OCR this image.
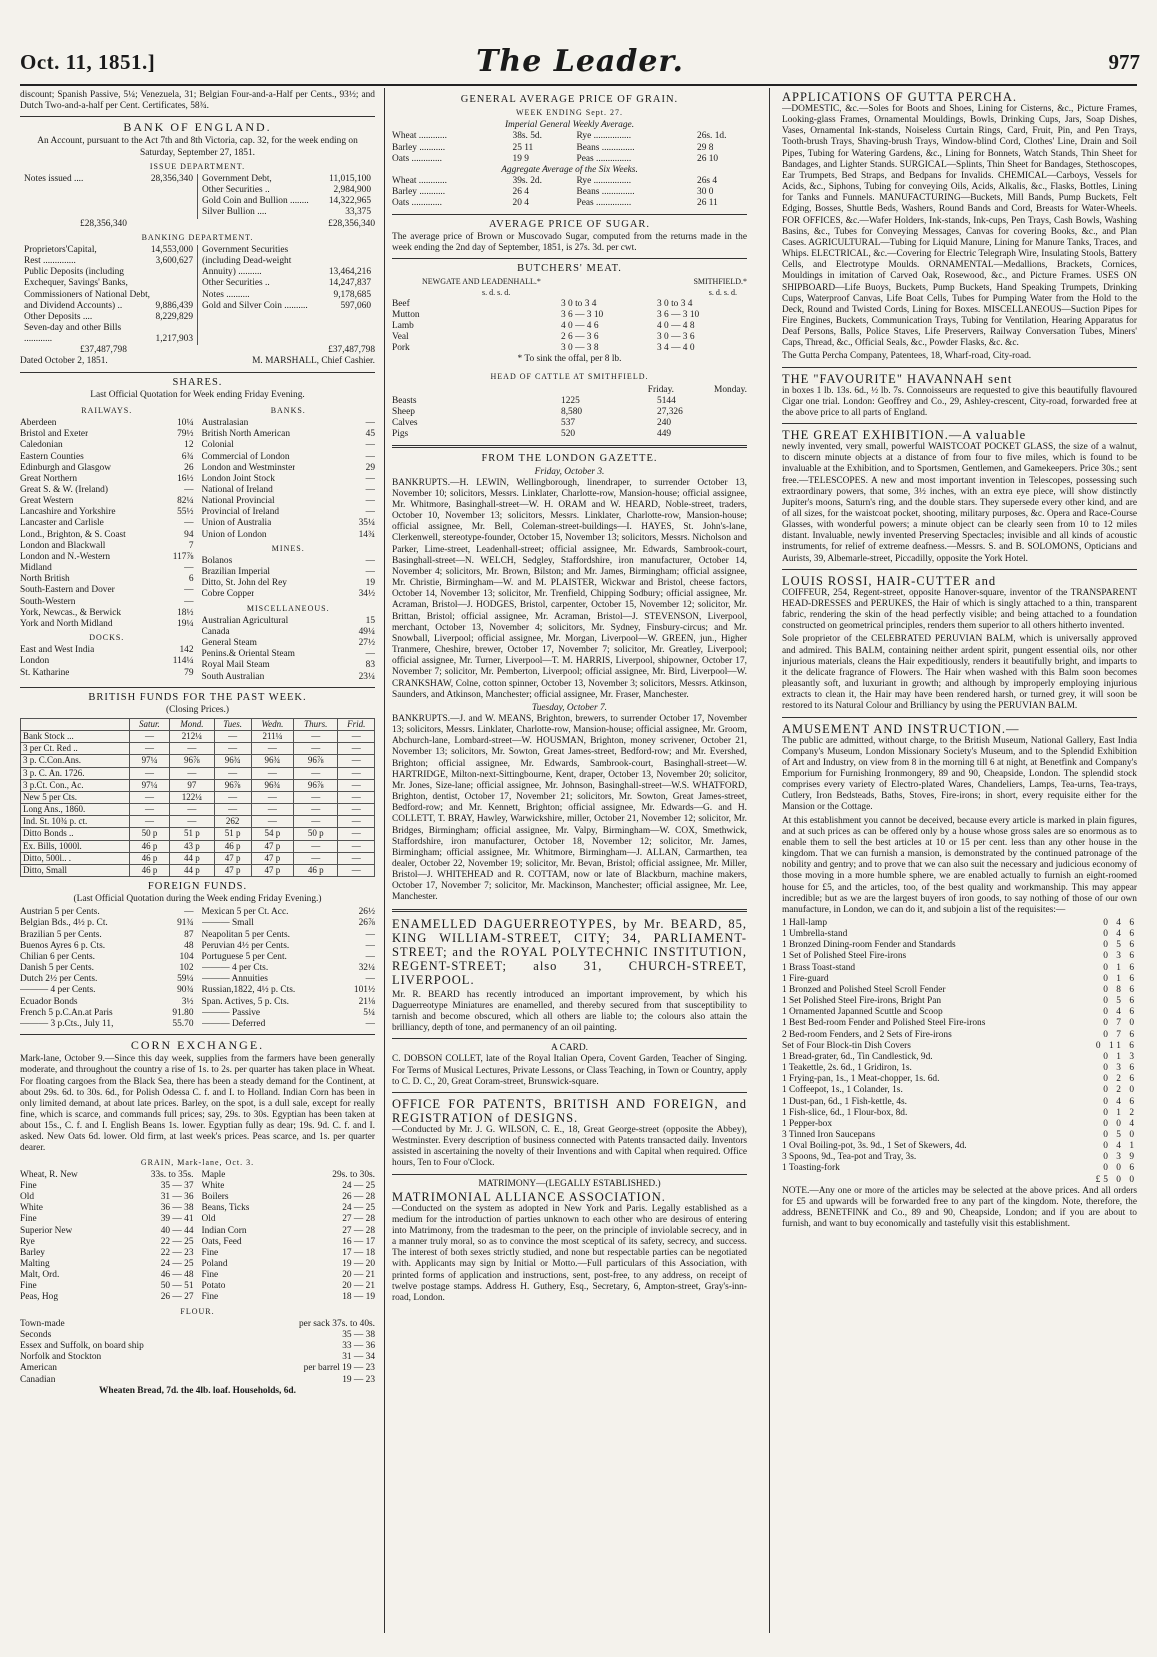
Oct. 11, 1851.]	The Leader.	977

discount; Spanish Passive, 5¼; Venezuela, 31; Belgian Four-and-a-Half per Cents., 93½; and Dutch Two-and-a-half per Cent. Certificates, 58¾.

BANK OF ENGLAND.

An Account, pursuant to the Act 7th and 8th Victoria, cap. 32, for the week ending on Saturday, September 27, 1851.

ISSUE DEPARTMENT.
Notes issued ....	28,356,340 Government Debt,	11,015,100
Other Securities ..	2,984,900
Gold Coin and Bullion ........ 14,322,965
Silver Bullion ....	33,375
£28,356,340	£28,356,340
BANKING DEPARTMENT.
Proprietors'Capital,	14,553,000
Rest ..............	3,600,627
Public Deposits (including Exchequer, Savings' Banks, Commissioners of National Debt, and Dividend Accounts) ..	9,886,439
Other Deposits ....	8,229,829
Seven-day and other Bills ............	1,217,903
Government Securities (including Dead-weight Annuity) ..........	13,464,216
Other Securities ..	14,247,837
Notes ..........	9,178,685
Gold and Silver Coin ..........	597,060
£37,487,798	£37,487,798
Dated October 2, 1851.	M. MARSHALL, Chief Cashier.
SHARES.

Last Official Quotation for Week ending Friday Evening.

RAILWAYS.
Aberdeen	10¼
Bristol and Exeter	79½
Caledonian	12
Eastern Counties	6¾
Edinburgh and Glasgow	26
Great Northern	16½
Great S. & W. (Ireland)	—
Great Western	82¼
Lancashire and Yorkshire	55½
Lancaster and Carlisle	—
Lond., Brighton, & S. Coast	94
London and Blackwall	7
London and N.-Western	117⅞
Midland	—
North British	6
South-Eastern and Dover	—
South-Western	—
York, Newcas., & Berwick	18½
York and North Midland	19¼
DOCKS.
East and West India	142
London	114¼
St. Katharine	79
BANKS.
Australasian	—
British North American	45
Colonial	—
Commercial of London	—
London and Westminster	29
London Joint Stock	—
National of Ireland	—
National Provincial	—
Provincial of Ireland	—
Union of Australia	35¼
Union of London	14¾
MINES.
Bolanos	—
Brazilian Imperial	—
Ditto, St. John del Rey	19
Cobre Copper	34½
MISCELLANEOUS.
Australian Agricultural	15
Canada	49¼
General Steam	27½
Penins.& Oriental Steam	—
Royal Mail Steam	83
South Australian	23¼
BRITISH FUNDS FOR THE PAST WEEK.

(Closing Prices.)

	Satur.	Mond.	Tues.	Wedn.	Thurs.	Frid.
Bank Stock ...	—	212¼	—	211¼	—	—
3 per Ct. Red ..	—	—	—	—	—	—
3 p. C.Con.Ans.	97¼	96⅞	96¾	96¾	96⅞	—
3 p. C. An. 1726.	—	—	—	—	—	—
3 p.Ct. Con., Ac.	97¼	97	96⅞	96¾	96⅞	—
New 5 per Cts.	—	122¼	—	—	—	—
Long Ans., 1860.	—	—	—	—	—	—
Ind. St. 10¾ p. ct.	—	—	262	—	—	—
Ditto Bonds ..	50 p	51 p	51 p	54 p	50 p	—
Ex. Bills, 1000l.	46 p	43 p	46 p	47 p	—	—
Ditto, 500l.. .	46 p	44 p	47 p	47 p	—	—
Ditto, Small	46 p	44 p	47 p	47 p	46 p	—
FOREIGN FUNDS.

(Last Official Quotation during the Week ending Friday Evening.)

Austrian 5 per Cents.	—
Belgian Bds., 4½ p. Ct.	91¾
Brazilian 5 per Cents.	87
Buenos Ayres 6 p. Cts.	48
Chilian 6 per Cents.	104
Danish 5 per Cents.	102
Dutch 2½ per Cents.	59¼
——— 4 per Cents.	90¾
Ecuador Bonds	3½
French 5 p.C.An.at Paris	91.80
——— 3 p.Cts., July 11,	55.70
Mexican 5 per Ct. Acc.	26½
——— Small	26⅞
Neapolitan 5 per Cents.	—
Peruvian 4½ per Cents.	—
Portuguese 5 per Cent.	—
——— 4 per Cts.	32¼
——— Annuities	—
Russian,1822, 4½ p. Cts.	101½
Span. Actives, 5 p. Cts.	21⅛
——— Passive	5¼
——— Deferred	—
CORN EXCHANGE.

Mark-lane, October 9.—Since this day week, supplies from the farmers have been generally moderate, and throughout the country a rise of 1s. to 2s. per quarter has taken place in Wheat. For floating cargoes from the Black Sea, there has been a steady demand for the Continent, at about 29s. 6d. to 30s. 6d., for Polish Odessa C. f. and I. to Holland. Indian Corn has been in only limited demand, at about late prices. Barley, on the spot, is a dull sale, except for really fine, which is scarce, and commands full prices; say, 29s. to 30s. Egyptian has been taken at about 15s., C. f. and I. English Beans 1s. lower. Egyptian fully as dear; 19s. 9d. C. f. and I. asked. New Oats 6d. lower. Old firm, at last week's prices. Peas scarce, and 1s. per quarter dearer.

GRAIN, Mark-lane, Oct. 3.
Wheat, R. New	33s. to 35s.
Fine	35 — 37
Old	31 — 36
White	36 — 38
Fine	39 — 41
Superior New	40 — 44
Rye	22 — 25
Barley	22 — 23
Malting	24 — 25
Malt, Ord.	46 — 48
Fine	50 — 51
Peas, Hog	26 — 27
Maple	29s. to 30s.
White	24 — 25
Boilers	26 — 28
Beans, Ticks	24 — 25
Old	27 — 28
Indian Corn	27 — 28
Oats, Feed	16 — 17
Fine	17 — 18
Poland	19 — 20
Fine	20 — 21
Potato	20 — 21
Fine	18 — 19
FLOUR.
Town-made	per sack 37s. to 40s.
Seconds	35 — 38
Essex and Suffolk, on board ship	33 — 36
Norfolk and Stockton	31 — 34
American	per barrel 19 — 23
Canadian	19 — 23
Wheaten Bread, 7d. the 4lb. loaf. Households, 6d.
GENERAL AVERAGE PRICE OF GRAIN.
WEEK ENDING Sept. 27.
Imperial General Weekly Average.
Wheat ............	38s. 5d.	Rye ................	26s. 1d.
Barley ...........	25 11	Beans ..............	29 8
Oats .............	19 9	Peas ...............	26 10
Aggregate Average of the Six Weeks.
Wheat ............	39s. 2d.	Rye ................	26s 4
Barley ...........	26 4	Beans ..............	30 0
Oats .............	20 4	Peas ...............	26 11
AVERAGE PRICE OF SUGAR.

The average price of Brown or Muscovado Sugar, computed from the returns made in the week ending the 2nd day of September, 1851, is 27s. 3d. per cwt.

BUTCHERS' MEAT.
NEWGATE AND LEADENHALL.*	SMITHFIELD.*
s. d. s. d.	s. d. s. d.
Beef	3 0 to 3 4	3 0 to 3 4
Mutton	3 6 — 3 10	3 6 — 3 10
Lamb	4 0 — 4 6	4 0 — 4 8
Veal	2 6 — 3 6	3 0 — 3 6
Pork	3 0 — 3 8	3 4 — 4 0
* To sink the offal, per 8 lb.
HEAD OF CATTLE AT SMITHFIELD.
Friday.	Monday.
Beasts	1225	5144
Sheep	8,580	27,326
Calves	537	240
Pigs	520	449
FROM THE LONDON GAZETTE.
Friday, October 3.

BANKRUPTS.—H. LEWIN, Wellingborough, linendraper, to surrender October 13, November 10; solicitors, Messrs. Linklater, Charlotte-row, Mansion-house; official assignee, Mr. Whitmore, Basinghall-street—W. H. ORAM and W. HEARD, Noble-street, traders, October 10, November 13; solicitors, Messrs. Linklater, Charlotte-row, Mansion-house; official assignee, Mr. Bell, Coleman-street-buildings—I. HAYES, St. John's-lane, Clerkenwell, stereotype-founder, October 15, November 13; solicitors, Messrs. Nicholson and Parker, Lime-street, Leadenhall-street; official assignee, Mr. Edwards, Sambrook-court, Basinghall-street—N. WELCH, Sedgley, Staffordshire, iron manufacturer, October 14, November 4; solicitors, Mr. Brown, Bilston; and Mr. James, Birmingham; official assignee, Mr. Christie, Birmingham—W. and M. PLAISTER, Wickwar and Bristol, cheese factors, October 14, November 13; solicitor, Mr. Trenfield, Chipping Sodbury; official assignee, Mr. Acraman, Bristol—J. HODGES, Bristol, carpenter, October 15, November 12; solicitor, Mr. Brittan, Bristol; official assignee, Mr. Acraman, Bristol—J. STEVENSON, Liverpool, merchant, October 13, November 4; solicitors, Mr. Sydney, Finsbury-circus; and Mr. Snowball, Liverpool; official assignee, Mr. Morgan, Liverpool—W. GREEN, jun., Higher Tranmere, Cheshire, brewer, October 17, November 7; solicitor, Mr. Greatley, Liverpool; official assignee, Mr. Turner, Liverpool—T. M. HARRIS, Liverpool, shipowner, October 17, November 7; solicitor, Mr. Pemberton, Liverpool; official assignee, Mr. Bird, Liverpool—W. CRANKSHAW, Colne, cotton spinner, October 13, November 3; solicitors, Messrs. Atkinson, Saunders, and Atkinson, Manchester; official assignee, Mr. Fraser, Manchester.

Tuesday, October 7.

BANKRUPTS.—J. and W. MEANS, Brighton, brewers, to surrender October 17, November 13; solicitors, Messrs. Linklater, Charlotte-row, Mansion-house; official assignee, Mr. Groom, Abchurch-lane, Lombard-street—W. HOUSMAN, Brighton, money scrivener, October 21, November 13; solicitors, Mr. Sowton, Great James-street, Bedford-row; and Mr. Evershed, Brighton; official assignee, Mr. Edwards, Sambrook-court, Basinghall-street—W. HARTRIDGE, Milton-next-Sittingbourne, Kent, draper, October 13, November 20; solicitor, Mr. Jones, Size-lane; official assignee, Mr. Johnson, Basinghall-street—W.S. WHATFORD, Brighton, dentist, October 17, November 21; solicitors, Mr. Sowton, Great James-street, Bedford-row; and Mr. Kennett, Brighton; official assignee, Mr. Edwards—G. and H. COLLETT, T. BRAY, Hawley, Warwickshire, miller, October 21, November 12; solicitor, Mr. Bridges, Birmingham; official assignee, Mr. Valpy, Birmingham—W. COX, Smethwick, Staffordshire, iron manufacturer, October 18, November 12; solicitor, Mr. James, Birmingham; official assignee, Mr. Whitmore, Birmingham—J. ALLAN, Carmarthen, tea dealer, October 22, November 19; solicitor, Mr. Bevan, Bristol; official assignee, Mr. Miller, Bristol—J. WHITEHEAD and R. COTTAM, now or late of Blackburn, machine makers, October 17, November 7; solicitor, Mr. Mackinson, Manchester; official assignee, Mr. Lee, Manchester.

ENAMELLED DAGUERREOTYPES, by Mr. BEARD, 85, KING WILLIAM-STREET, CITY; 34, PARLIAMENT-STREET; and the ROYAL POLYTECHNIC INSTITUTION, REGENT-STREET; also 31, CHURCH-STREET, LIVERPOOL.

Mr. R. BEARD has recently introduced an important improvement, by which his Daguerreotype Miniatures are enamelled, and thereby secured from that susceptibility to tarnish and become obscured, which all others are liable to; the colours also attain the brilliancy, depth of tone, and permanency of an oil painting.

A CARD.

C. DOBSON COLLET, late of the Royal Italian Opera, Covent Garden, Teacher of Singing. For Terms of Musical Lectures, Private Lessons, or Class Teaching, in Town or Country, apply to C. D. C., 20, Great Coram-street, Brunswick-square.

OFFICE FOR PATENTS, BRITISH AND FOREIGN, and REGISTRATION of DESIGNS.

—Conducted by Mr. J. G. WILSON, C. E., 18, Great George-street (opposite the Abbey), Westminster. Every description of business connected with Patents transacted daily. Inventors assisted in ascertaining the novelty of their Inventions and with Capital when required. Office hours, Ten to Four o'Clock.

MATRIMONY—(LEGALLY ESTABLISHED.)
MATRIMONIAL ALLIANCE ASSOCIATION.

—Conducted on the system as adopted in New York and Paris. Legally established as a medium for the introduction of parties unknown to each other who are desirous of entering into Matrimony, from the tradesman to the peer, on the principle of inviolable secrecy, and in a manner truly moral, so as to convince the most sceptical of its safety, secrecy, and success. The interest of both sexes strictly studied, and none but respectable parties can be negotiated with. Applicants may sign by Initial or Motto.—Full particulars of this Association, with printed forms of application and instructions, sent, post-free, to any address, on receipt of twelve postage stamps. Address H. Guthery, Esq., Secretary, 6, Ampton-street, Gray's-inn-road, London.

APPLICATIONS OF GUTTA PERCHA.

—DOMESTIC, &c.—Soles for Boots and Shoes, Lining for Cisterns, &c., Picture Frames, Looking-glass Frames, Ornamental Mouldings, Bowls, Drinking Cups, Jars, Soap Dishes, Vases, Ornamental Ink-stands, Noiseless Curtain Rings, Card, Fruit, Pin, and Pen Trays, Tooth-brush Trays, Shaving-brush Trays, Window-blind Cord, Clothes' Line, Drain and Soil Pipes, Tubing for Watering Gardens, &c., Lining for Bonnets, Watch Stands, Thin Sheet for Bandages, and Lighter Stands. SURGICAL—Splints, Thin Sheet for Bandages, Stethoscopes, Ear Trumpets, Bed Straps, and Bedpans for Invalids. CHEMICAL—Carboys, Vessels for Acids, &c., Siphons, Tubing for conveying Oils, Acids, Alkalis, &c., Flasks, Bottles, Lining for Tanks and Funnels. MANUFACTURING—Buckets, Mill Bands, Pump Buckets, Felt Edging, Bosses, Shuttle Beds, Washers, Round Bands and Cord, Breasts for Water-Wheels. FOR OFFICES, &c.—Wafer Holders, Ink-stands, Ink-cups, Pen Trays, Cash Bowls, Washing Basins, &c., Tubes for Conveying Messages, Canvas for covering Books, &c., and Plan Cases. AGRICULTURAL—Tubing for Liquid Manure, Lining for Manure Tanks, Traces, and Whips. ELECTRICAL, &c.—Covering for Electric Telegraph Wire, Insulating Stools, Battery Cells, and Electrotype Moulds. ORNAMENTAL—Medallions, Brackets, Cornices, Mouldings in imitation of Carved Oak, Rosewood, &c., and Picture Frames. USES ON SHIPBOARD—Life Buoys, Buckets, Pump Buckets, Hand Speaking Trumpets, Drinking Cups, Waterproof Canvas, Life Boat Cells, Tubes for Pumping Water from the Hold to the Deck, Round and Twisted Cords, Lining for Boxes. MISCELLANEOUS—Suction Pipes for Fire Engines, Buckets, Communication Trays, Tubing for Ventilation, Hearing Apparatus for Deaf Persons, Balls, Police Staves, Life Preservers, Railway Conversation Tubes, Miners' Caps, Thread, &c., Official Seals, &c., Powder Flasks, &c. &c.

The Gutta Percha Company, Patentees, 18, Wharf-road, City-road.

THE "FAVOURITE" HAVANNAH sent

in boxes 1 lb. 13s. 6d., ½ lb. 7s. Connoisseurs are requested to give this beautifully flavoured Cigar one trial. London: Geoffrey and Co., 29, Ashley-crescent, City-road, forwarded free at the above price to all parts of England.

THE GREAT EXHIBITION.—A valuable

newly invented, very small, powerful WAISTCOAT POCKET GLASS, the size of a walnut, to discern minute objects at a distance of from four to five miles, which is found to be invaluable at the Exhibition, and to Sportsmen, Gentlemen, and Gamekeepers. Price 30s.; sent free.—TELESCOPES. A new and most important invention in Telescopes, possessing such extraordinary powers, that some, 3½ inches, with an extra eye piece, will show distinctly Jupiter's moons, Saturn's ring, and the double stars. They supersede every other kind, and are of all sizes, for the waistcoat pocket, shooting, military purposes, &c. Opera and Race-Course Glasses, with wonderful powers; a minute object can be clearly seen from 10 to 12 miles distant. Invaluable, newly invented Preserving Spectacles; invisible and all kinds of acoustic instruments, for relief of extreme deafness.—Messrs. S. and B. SOLOMONS, Opticians and Aurists, 39, Albemarle-street, Piccadilly, opposite the York Hotel.

LOUIS ROSSI, HAIR-CUTTER and

COIFFEUR, 254, Regent-street, opposite Hanover-square, inventor of the TRANSPARENT HEAD-DRESSES and PERUKES, the Hair of which is singly attached to a thin, transparent fabric, rendering the skin of the head perfectly visible; and being attached to a foundation constructed on geometrical principles, renders them superior to all others hitherto invented.

Sole proprietor of the CELEBRATED PERUVIAN BALM, which is universally approved and admired. This BALM, containing neither ardent spirit, pungent essential oils, nor other injurious materials, cleans the Hair expeditiously, renders it beautifully bright, and imparts to it the delicate fragrance of Flowers. The Hair when washed with this Balm soon becomes pleasantly soft, and luxuriant in growth; and although by improperly employing injurious extracts to clean it, the Hair may have been rendered harsh, or turned grey, it will soon be restored to its Natural Colour and Brilliancy by using the PERUVIAN BALM.

AMUSEMENT AND INSTRUCTION.—

The public are admitted, without charge, to the British Museum, National Gallery, East India Company's Museum, London Missionary Society's Museum, and to the Splendid Exhibition of Art and Industry, on view from 8 in the morning till 6 at night, at Benetfink and Company's Emporium for Furnishing Ironmongery, 89 and 90, Cheapside, London. The splendid stock comprises every variety of Electro-plated Wares, Chandeliers, Lamps, Tea-urns, Tea-trays, Cutlery, Iron Bedsteads, Baths, Stoves, Fire-irons; in short, every requisite either for the Mansion or the Cottage.

At this establishment you cannot be deceived, because every article is marked in plain figures, and at such prices as can be offered only by a house whose gross sales are so enormous as to enable them to sell the best articles at 10 or 15 per cent. less than any other house in the kingdom. That we can furnish a mansion, is demonstrated by the continued patronage of the nobility and gentry; and to prove that we can also suit the necessary and judicious economy of those moving in a more humble sphere, we are enabled actually to furnish an eight-roomed house for £5, and the articles, too, of the best quality and workmanship. This may appear incredible; but as we are the largest buyers of iron goods, to say nothing of those of our own manufacture, in London, we can do it, and subjoin a list of the requisites:—

1 Hall-lamp	0 4 6
1 Umbrella-stand	0 4 6
1 Bronzed Dining-room Fender and Standards	0 5 6
1 Set of Polished Steel Fire-irons	0 3 6
1 Brass Toast-stand	0 1 6
1 Fire-guard	0 1 6
1 Bronzed and Polished Steel Scroll Fender	0 8 6
1 Set Polished Steel Fire-irons, Bright Pan	0 5 6
1 Ornamented Japanned Scuttle and Scoop	0 4 6
1 Best Bed-room Fender and Polished Steel Fire-irons	0 7 0
2 Bed-room Fenders, and 2 Sets of Fire-irons	0 7 6
Set of Four Block-tin Dish Covers	0 11 6
1 Bread-grater, 6d., Tin Candlestick, 9d.	0 1 3
1 Teakettle, 2s. 6d., 1 Gridiron, 1s.	0 3 6
1 Frying-pan, 1s., 1 Meat-chopper, 1s. 6d.	0 2 6
1 Coffeepot, 1s., 1 Colander, 1s.	0 2 0
1 Dust-pan, 6d., 1 Fish-kettle, 4s.	0 4 6
1 Fish-slice, 6d., 1 Flour-box, 8d.	0 1 2
1 Pepper-box	0 0 4
3 Tinned Iron Saucepans	0 5 0
1 Oval Boiling-pot, 3s. 9d., 1 Set of Skewers, 4d.	0 4 1
3 Spoons, 9d., Tea-pot and Tray, 3s.	0 3 9
1 Toasting-fork	0 0 6
£5 0 0

NOTE.—Any one or more of the articles may be selected at the above prices. And all orders for £5 and upwards will be forwarded free to any part of the kingdom. Note, therefore, the address, BENETFINK and Co., 89 and 90, Cheapside, London; and if you are about to furnish, and want to buy economically and tastefully visit this establishment.
